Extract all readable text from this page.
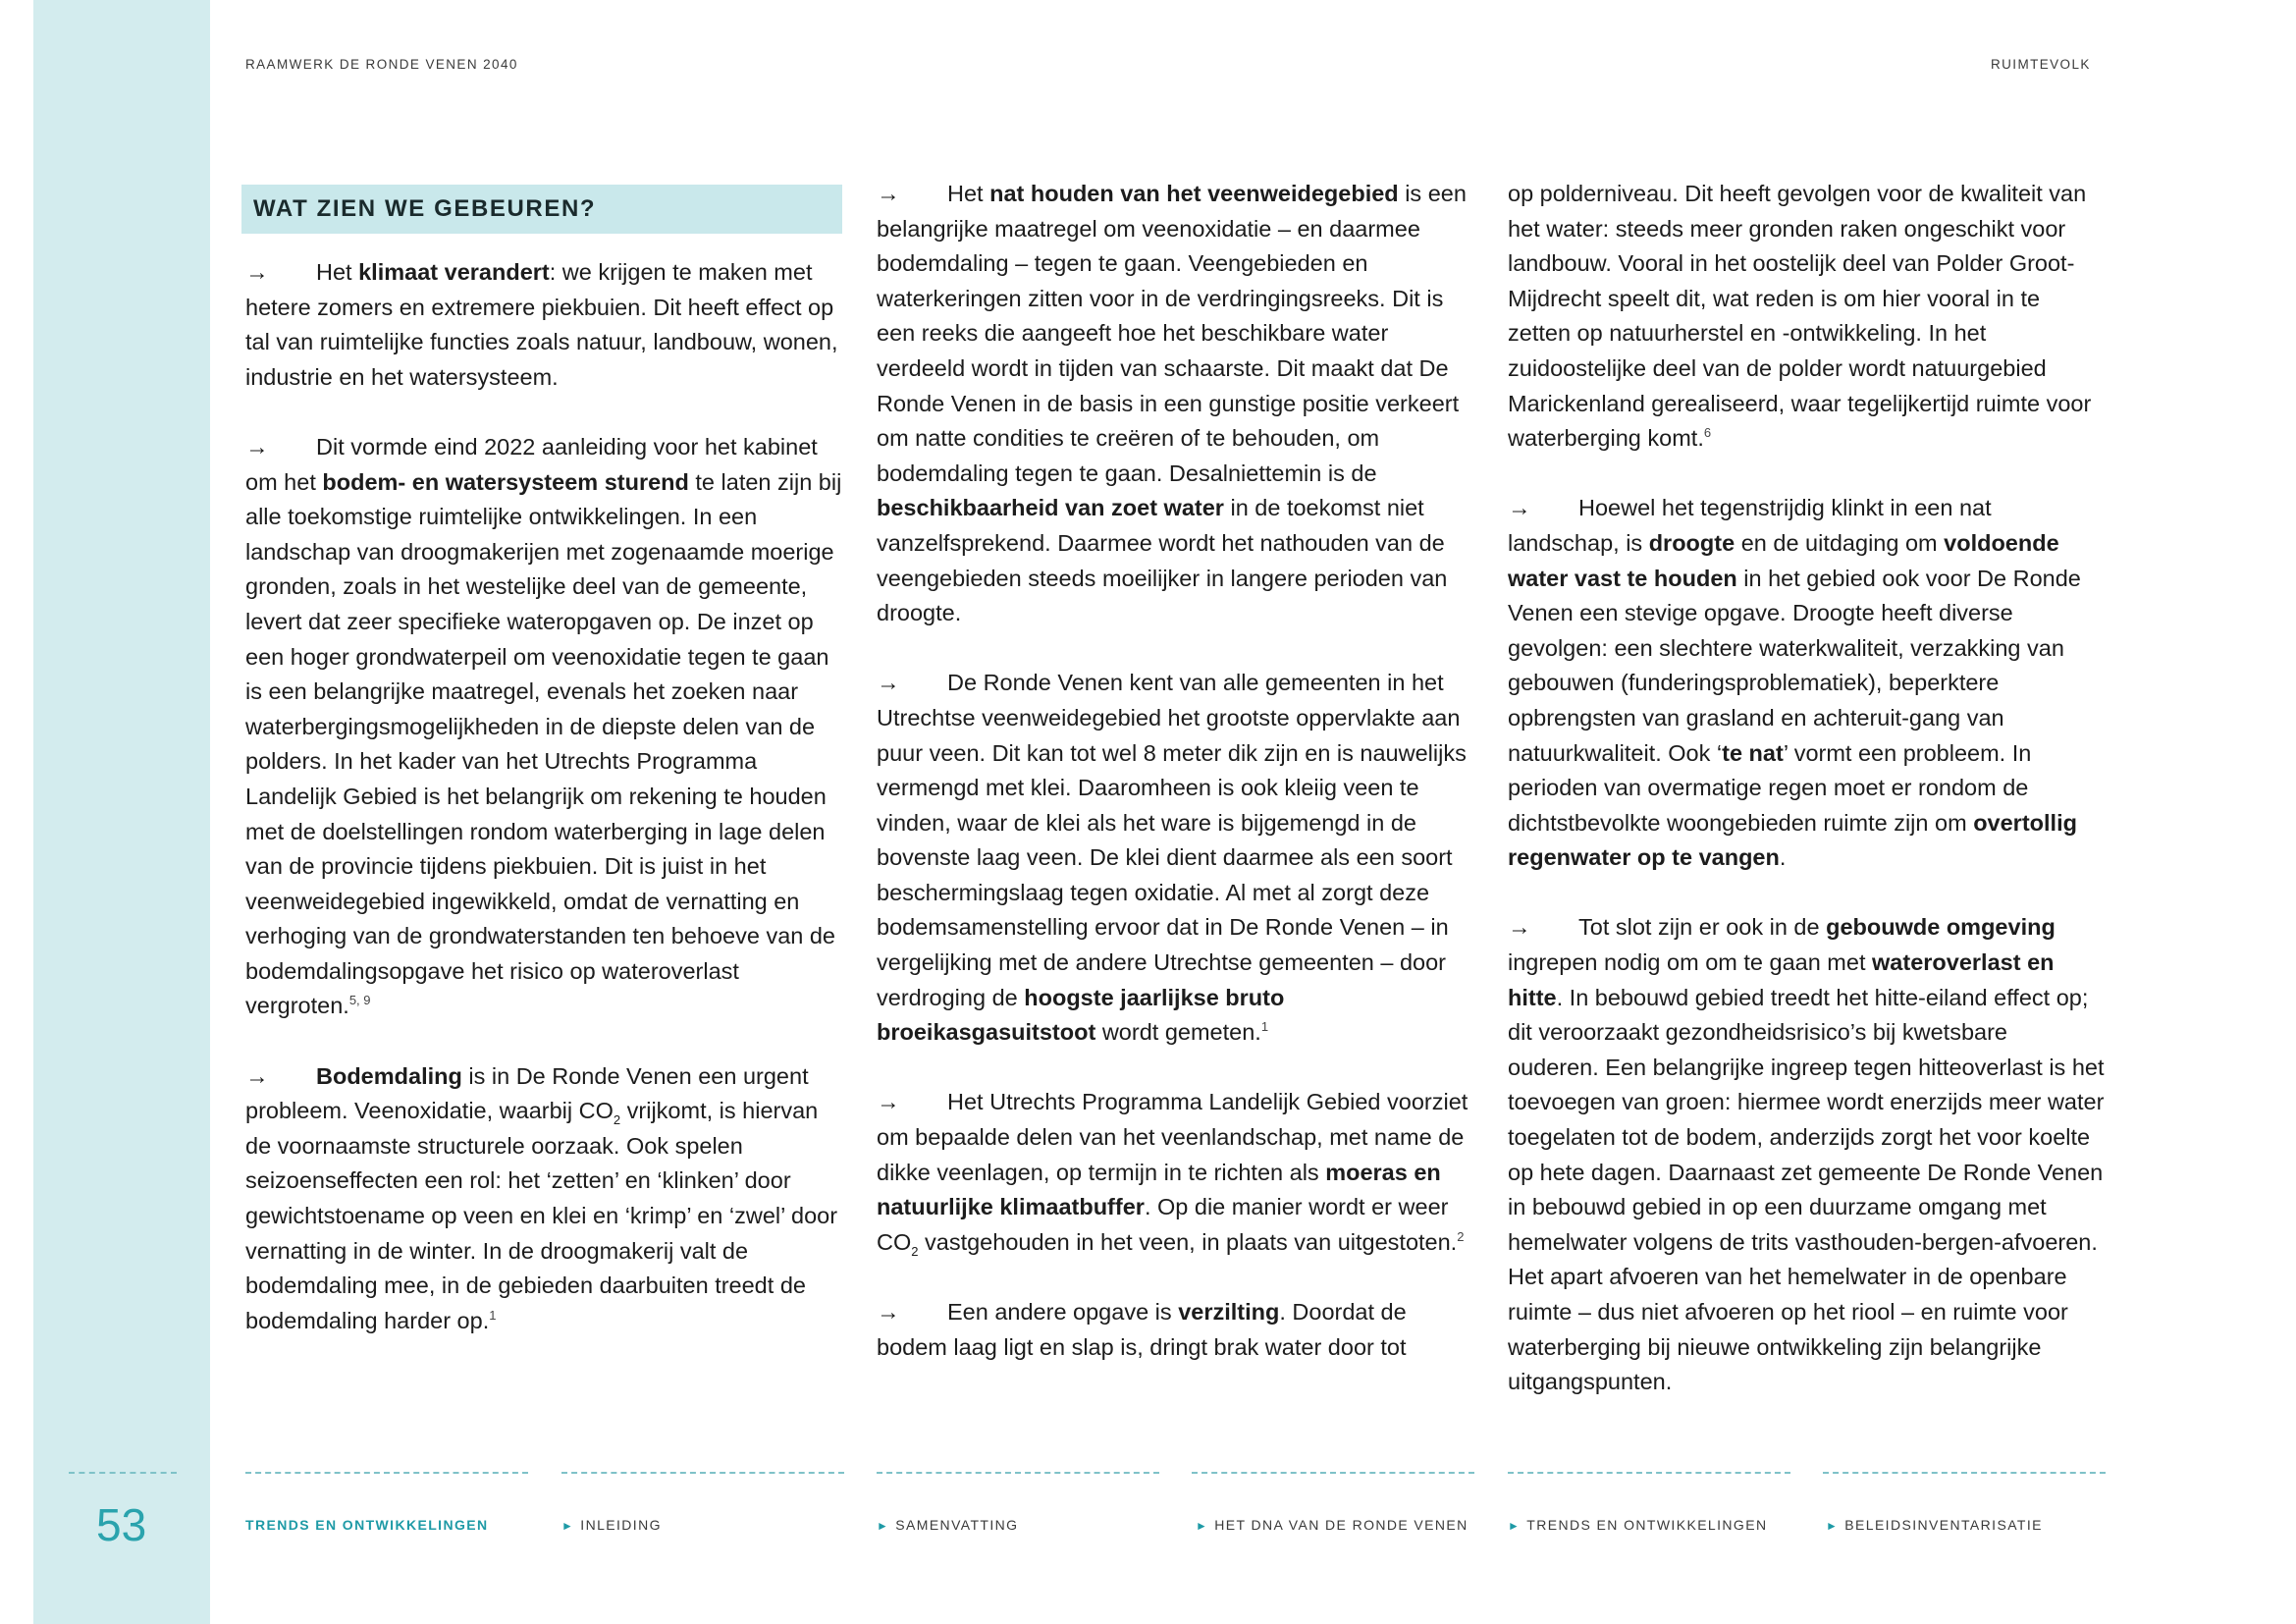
RAAMWERK DE RONDE VENEN 2040	RUIMTEVOLK
WAT ZIEN WE GEBEUREN?

→ Het klimaat verandert: we krijgen te maken met hetere zomers en extremere piekbuien. Dit heeft effect op tal van ruimtelijke functies zoals natuur, landbouw, wonen, industrie en het watersysteem.

→ Dit vormde eind 2022 aanleiding voor het kabinet om het bodem- en watersysteem sturend te laten zijn bij alle toekomstige ruimtelijke ontwikkelingen. In een landschap van droogmakerijen met zogenaamde moerige gronden, zoals in het westelijke deel van de gemeente, levert dat zeer specifieke wateropgaven op. De inzet op een hoger grondwaterpeil om veenoxidatie tegen te gaan is een belangrijke maatregel, evenals het zoeken naar waterbergingsmogelijkheden in de diepste delen van de polders. In het kader van het Utrechts Programma Landelijk Gebied is het belangrijk om rekening te houden met de doelstellingen rondom waterberging in lage delen van de provincie tijdens piekbuien. Dit is juist in het veenweidegebied ingewikkeld, omdat de vernatting en verhoging van de grondwaterstanden ten behoeve van de bodemdalingsopgave het risico op wateroverlast vergroten.$^{5, 9}$

→ Bodemdaling is in De Ronde Venen een urgent probleem. Veenoxidatie, waarbij $CO_2$ vrijkomt, is hiervan de voornaamste structurele oorzaak. Ook spelen seizoenseffecten een rol: het ‘zetten’ en ‘klinken’ door gewichtstoename op veen en klei en ‘krimp’ en ‘zwel’ door vernatting in de winter. In de droogmakerij valt de bodemdaling mee, in de gebieden daarbuiten treedt de bodemdaling harder op.$^1$

→ Het nat houden van het veenweidegebied is een belangrijke maatregel om veenoxidatie – en daarmee bodemdaling – tegen te gaan. Veengebieden en waterkeringen zitten voor in de verdringingsreeks. Dit is een reeks die aangeeft hoe het beschikbare water verdeeld wordt in tijden van schaarste. Dit maakt dat De Ronde Venen in de basis in een gunstige positie verkeert om natte condities te creëren of te behouden, om bodemdaling tegen te gaan. Desalniettemin is de beschikbaarheid van zoet water in de toekomst niet vanzelfsprekend. Daarmee wordt het nathouden van de veengebieden steeds moeilijker in langere perioden van droogte.

→ De Ronde Venen kent van alle gemeenten in het Utrechtse veenweidegebied het grootste oppervlakte aan puur veen. Dit kan tot wel 8 meter dik zijn en is nauwelijks vermengd met klei. Daaromheen is ook kleiig veen te vinden, waar de klei als het ware is bijgemengd in de bovenste laag veen. De klei dient daarmee als een soort beschermingslaag tegen oxidatie. Al met al zorgt deze bodemsamenstelling ervoor dat in De Ronde Venen – in vergelijking met de andere Utrechtse gemeenten – door verdroging de hoogste jaarlijkse bruto broeikasgasuitstoot wordt gemeten.$^1$

→ Het Utrechts Programma Landelijk Gebied voorziet om bepaalde delen van het veenlandschap, met name de dikke veenlagen, op termijn in te richten als moeras en natuurlijke klimaatbuffer. Op die manier wordt er weer $CO_2$ vastgehouden in het veen, in plaats van uitgestoten.$^2$

→ Een andere opgave is verzilting. Doordat de bodem laag ligt en slap is, dringt brak water door tot

op polderniveau. Dit heeft gevolgen voor de kwaliteit van het water: steeds meer gronden raken ongeschikt voor landbouw. Vooral in het oostelijk deel van Polder Groot-Mijdrecht speelt dit, wat reden is om hier vooral in te zetten op natuurherstel en -ontwikkeling. In het zuidoostelijke deel van de polder wordt natuurgebied Marickenland gerealiseerd, waar tegelijkertijd ruimte voor waterberging komt.$^6$

→ Hoewel het tegenstrijdig klinkt in een nat landschap, is droogte en de uitdaging om voldoende water vast te houden in het gebied ook voor De Ronde Venen een stevige opgave. Droogte heeft diverse gevolgen: een slechtere waterkwaliteit, verzakking van gebouwen (funderingsproblematiek), beperktere opbrengsten van grasland en achteruit-gang van natuurkwaliteit. Ook ‘te nat’ vormt een probleem. In perioden van overmatige regen moet er rondom de dichtstbevolkte woongebieden ruimte zijn om overtollig regenwater op te vangen.

→ Tot slot zijn er ook in de gebouwde omgeving ingrepen nodig om om te gaan met wateroverlast en hitte. In bebouwd gebied treedt het hitte-eiland effect op; dit veroorzaakt gezondheidsrisico’s bij kwetsbare ouderen. Een belangrijke ingreep tegen hitteoverlast is het toevoegen van groen: hiermee wordt enerzijds meer water toegelaten tot de bodem, anderzijds zorgt het voor koelte op hete dagen. Daarnaast zet gemeente De Ronde Venen in bebouwd gebied in op een duurzame omgang met hemelwater volgens de trits vasthouden-bergen-afvoeren. Het apart afvoeren van het hemelwater in de openbare ruimte – dus niet afvoeren op het riool – en ruimte voor waterberging bij nieuwe ontwikkeling zijn belangrijke uitgangspunten.

53	TRENDS EN ONTWIKKELINGEN	► INLEIDING	► SAMENVATTING	► HET DNA VAN DE RONDE VENEN	► TRENDS EN ONTWIKKELINGEN	► BELEIDSINVENTARISATIE
